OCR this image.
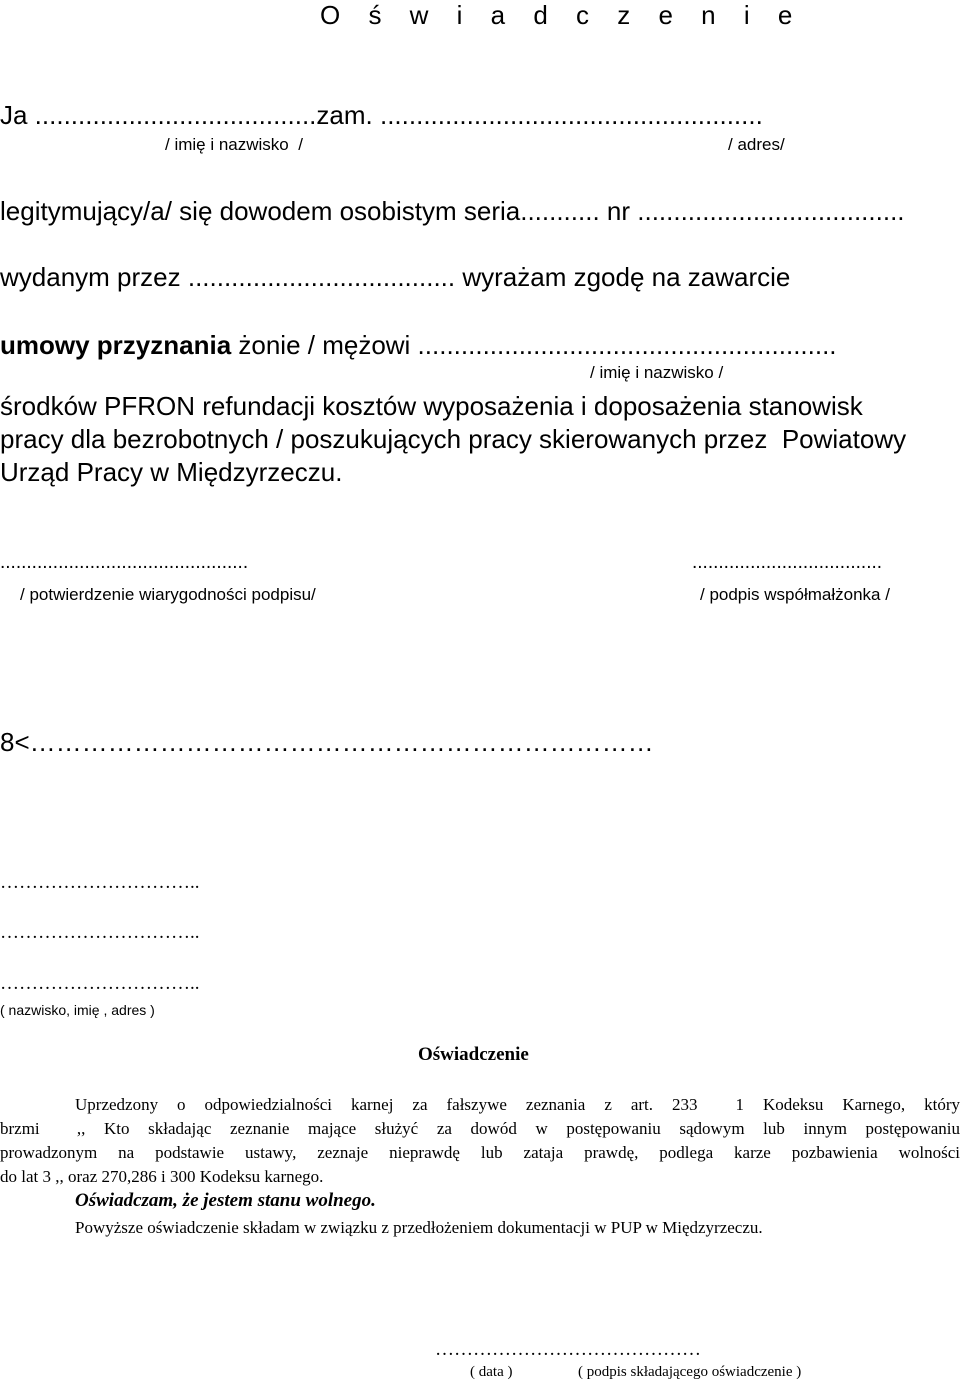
O ś w i a d c z e n i e
Ja .......................................zam. .....................................................
/ imię i nazwisko  /	/ adres/
legitymujący/a/ się dowodem osobistym seria........... nr .....................................
wydanym przez ..................................... wyrażam zgodę na zawarcie
umowy przyznania żonie / mężowi ..........................................................
/ imię i nazwisko /
środków PFRON refundacji kosztów wyposażenia i doposażenia stanowisk
pracy dla bezrobotnych / poszukujących pracy skierowanych przez  Powiatowy
Urząd Pracy w Międzyrzeczu.
...............................................
/ potwierdzenie wiarygodności podpisu/
....................................
/ podpis współmałżonka /
8<………………………………………………………………
…………………………..
…………………………..
…………………………..
( nazwisko, imię , adres )
Oświadczenie
Uprzedzony o odpowiedzialności karnej za fałszywe zeznania z art. 233  1 Kodeksu Karnego, który
brzmi  ,, Kto składając zeznanie mające służyć za dowód w postępowaniu sądowym lub innym postępowaniu
prowadzonym na podstawie ustawy, zeznaje nieprawdę lub zataja prawdę, podlega karze pozbawienia wolności
do lat 3 ,, oraz 270,286 i 300 Kodeksu karnego.
Oświadczam, że jestem stanu wolnego.
Powyższe oświadczenie składam w związku z przedłożeniem dokumentacji w PUP w Międzyrzeczu.
……………………………………
( data )	( podpis składającego oświadczenie )
